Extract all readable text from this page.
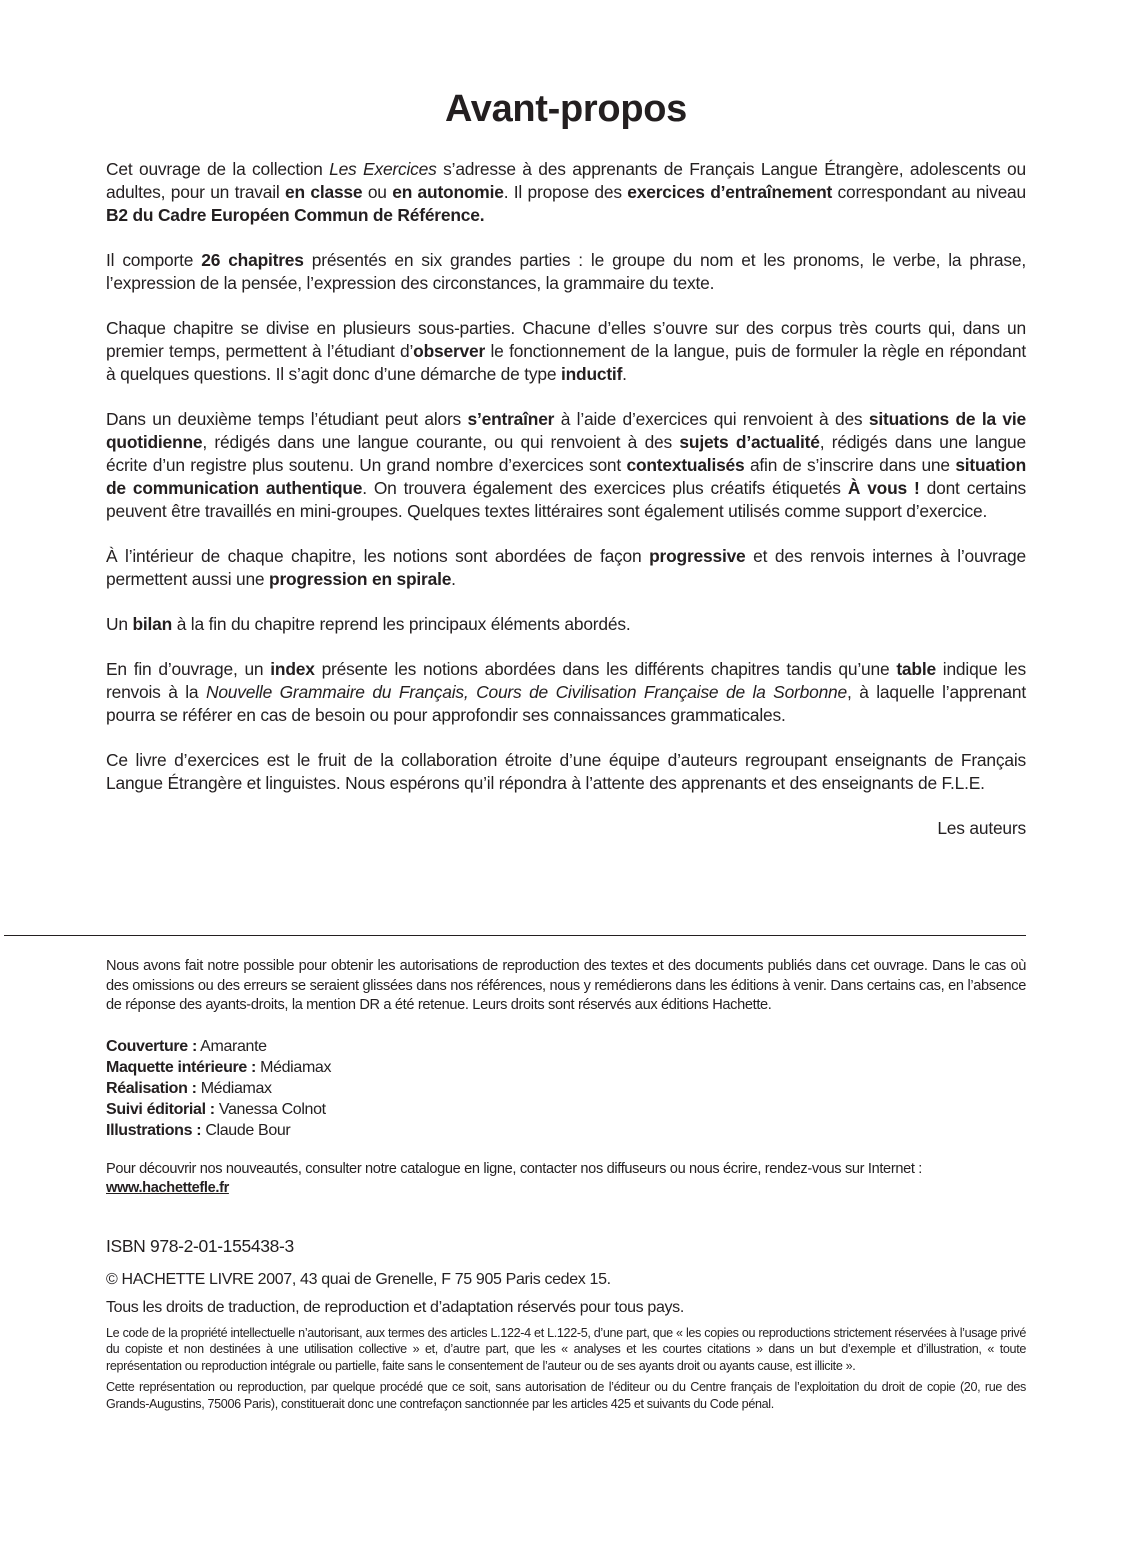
Avant-propos

Cet ouvrage de la collection Les Exercices s’adresse à des apprenants de Français Langue Étrangère, adolescents ou adultes, pour un travail en classe ou en autonomie. Il propose des exercices d’entraînement correspondant au niveau B2 du Cadre Européen Commun de Référence.

Il comporte 26 chapitres présentés en six grandes parties : le groupe du nom et les pronoms, le verbe, la phrase, l’expression de la pensée, l’expression des circonstances, la grammaire du texte.

Chaque chapitre se divise en plusieurs sous-parties. Chacune d’elles s’ouvre sur des corpus très courts qui, dans un premier temps, permettent à l’étudiant d’observer le fonctionnement de la langue, puis de formuler la règle en répondant à quelques questions. Il s’agit donc d’une démarche de type inductif.

Dans un deuxième temps l’étudiant peut alors s’entraîner à l’aide d’exercices qui renvoient à des situations de la vie quotidienne, rédigés dans une langue courante, ou qui renvoient à des sujets d’actualité, rédigés dans une langue écrite d’un registre plus soutenu. Un grand nombre d’exercices sont contextualisés afin de s’inscrire dans une situation de communication authentique. On trouvera également des exercices plus créatifs étiquetés À vous ! dont certains peuvent être travaillés en mini-groupes. Quelques textes littéraires sont également utilisés comme support d’exercice.

À l’intérieur de chaque chapitre, les notions sont abordées de façon progressive et des renvois internes à l’ouvrage permettent aussi une progression en spirale.

Un bilan à la fin du chapitre reprend les principaux éléments abordés.

En fin d’ouvrage, un index présente les notions abordées dans les différents chapitres tandis qu’une table indique les renvois à la Nouvelle Grammaire du Français, Cours de Civilisation Française de la Sorbonne, à laquelle l’apprenant pourra se référer en cas de besoin ou pour approfondir ses connaissances grammaticales.

Ce livre d’exercices est le fruit de la collaboration étroite d’une équipe d’auteurs regroupant enseignants de Français Langue Étrangère et linguistes. Nous espérons qu’il répondra à l’attente des apprenants et des enseignants de F.L.E.

Les auteurs

Nous avons fait notre possible pour obtenir les autorisations de reproduction des textes et des documents publiés dans cet ouvrage. Dans le cas où des omissions ou des erreurs se seraient glissées dans nos références, nous y remédierons dans les éditions à venir. Dans certains cas, en l’absence de réponse des ayants-droits, la mention DR a été retenue. Leurs droits sont réservés aux éditions Hachette.

Couverture : Amarante
Maquette intérieure : Médiamax
Réalisation : Médiamax
Suivi éditorial : Vanessa Colnot
Illustrations : Claude Bour

Pour découvrir nos nouveautés, consulter notre catalogue en ligne, contacter nos diffuseurs ou nous écrire, rendez-vous sur Internet : www.hachettefle.fr

ISBN 978-2-01-155438-3

© HACHETTE LIVRE 2007, 43 quai de Grenelle, F 75 905 Paris cedex 15.

Tous les droits de traduction, de reproduction et d’adaptation réservés pour tous pays.

Le code de la propriété intellectuelle n’autorisant, aux termes des articles L.122-4 et L.122-5, d’une part, que « les copies ou reproductions strictement réservées à l’usage privé du copiste et non destinées à une utilisation collective » et, d’autre part, que les « analyses et les courtes citations » dans un but d’exemple et d’illustration, « toute représentation ou reproduction intégrale ou partielle, faite sans le consentement de l’auteur ou de ses ayants droit ou ayants cause, est illicite ».

Cette représentation ou reproduction, par quelque procédé que ce soit, sans autorisation de l’éditeur ou du Centre français de l’exploitation du droit de copie (20, rue des Grands-Augustins, 75006 Paris), constituerait donc une contrefaçon sanctionnée par les articles 425 et suivants du Code pénal.
